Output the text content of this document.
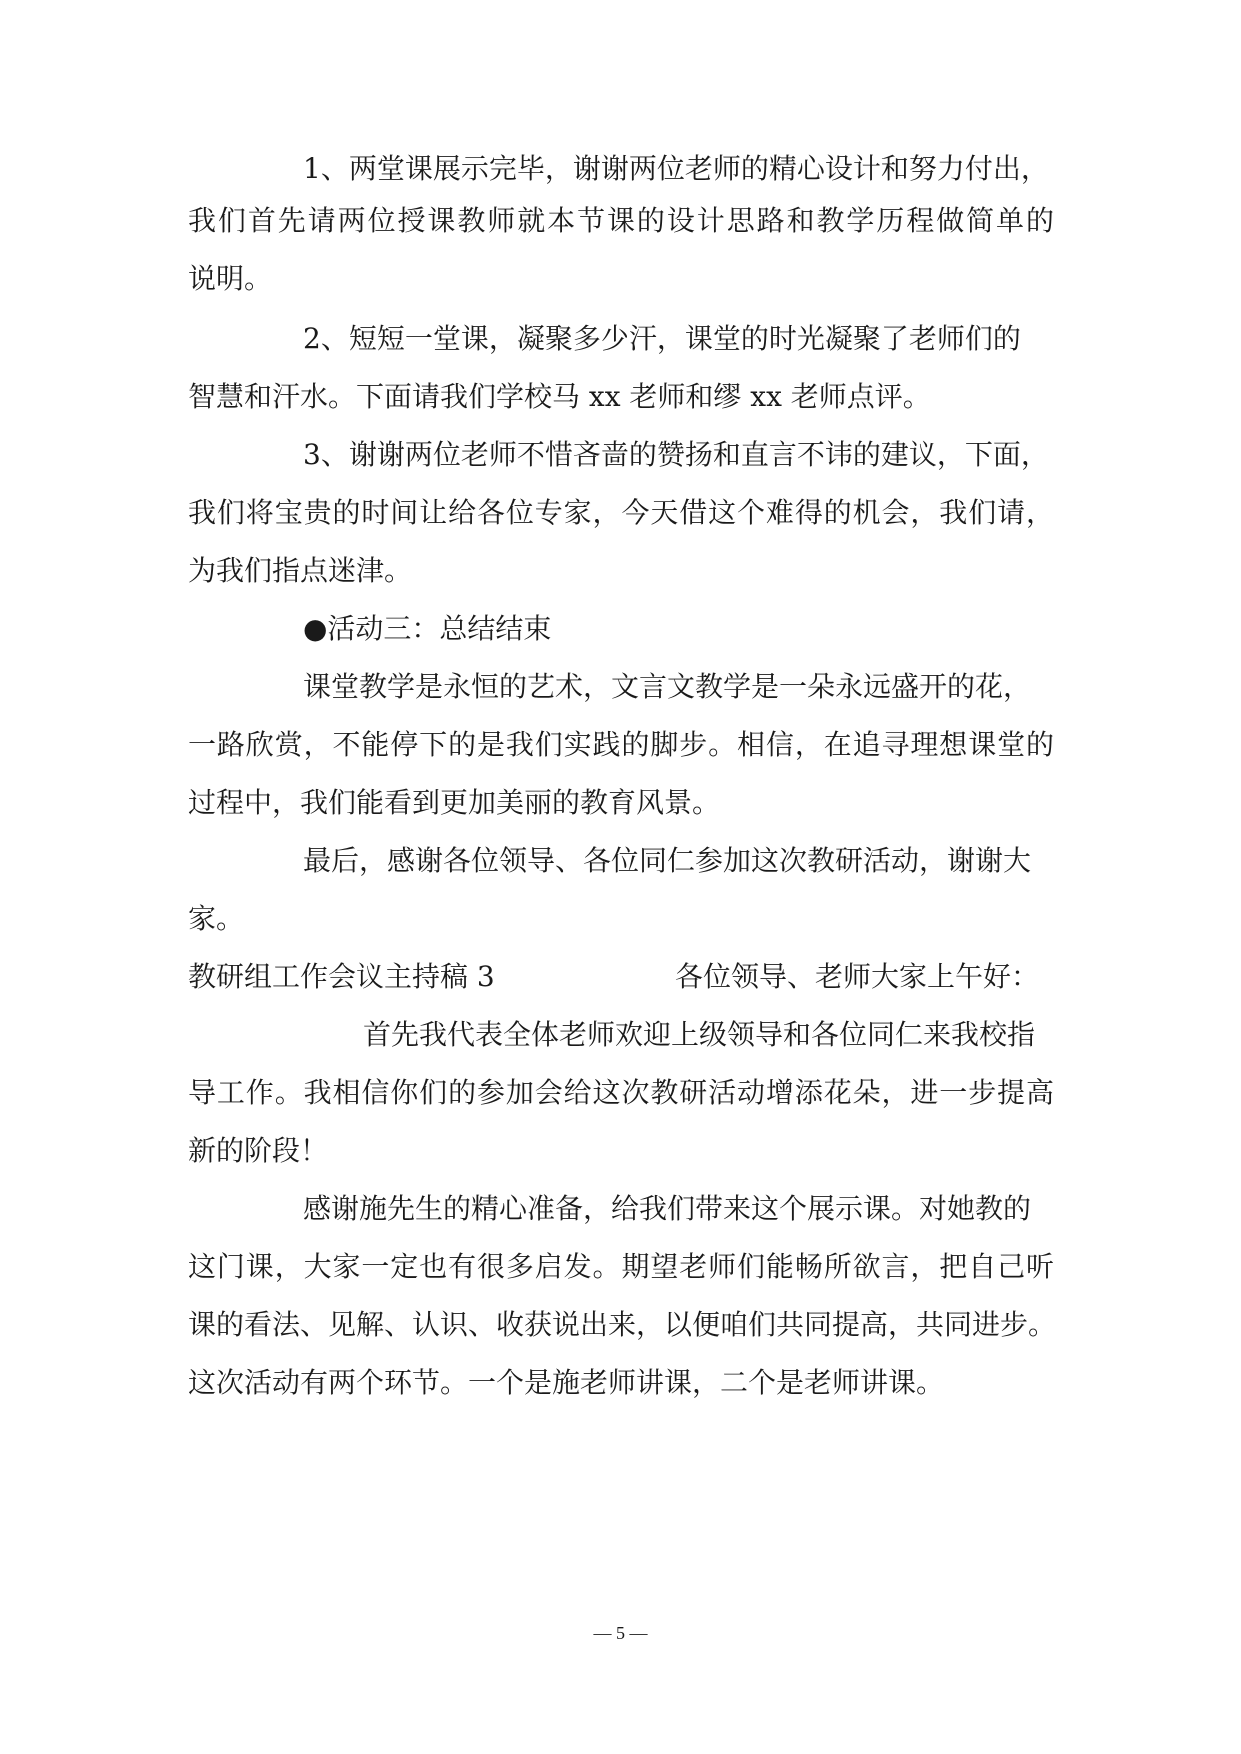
1、两堂课展示完毕，谢谢两位老师的精心设计和努力付出，
我们首先请两位授课教师就本节课的设计思路和教学历程做简单的
说明。
2、短短一堂课，凝聚多少汗，课堂的时光凝聚了老师们的
智慧和汗水。下面请我们学校马 xx 老师和缪 xx 老师点评。
3、谢谢两位老师不惜吝啬的赞扬和直言不讳的建议，下面，
我们将宝贵的时间让给各位专家，今天借这个难得的机会，我们请，
为我们指点迷津。
●活动三：总结结束
课堂教学是永恒的艺术，文言文教学是一朵永远盛开的花，
一路欣赏，不能停下的是我们实践的脚步。相信，在追寻理想课堂的
过程中，我们能看到更加美丽的教育风景。
最后，感谢各位领导、各位同仁参加这次教研活动，谢谢大
家。
教研组工作会议主持稿 3	各位领导、老师大家上午好：
首先我代表全体老师欢迎上级领导和各位同仁来我校指
导工作。我相信你们的参加会给这次教研活动增添花朵，进一步提高
新的阶段！
感谢施先生的精心准备，给我们带来这个展示课。对她教的
这门课，大家一定也有很多启发。期望老师们能畅所欲言，把自己听
课的看法、见解、认识、收获说出来，以便咱们共同提高，共同进步。
这次活动有两个环节。一个是施老师讲课，二个是老师讲课。
— 5 —
